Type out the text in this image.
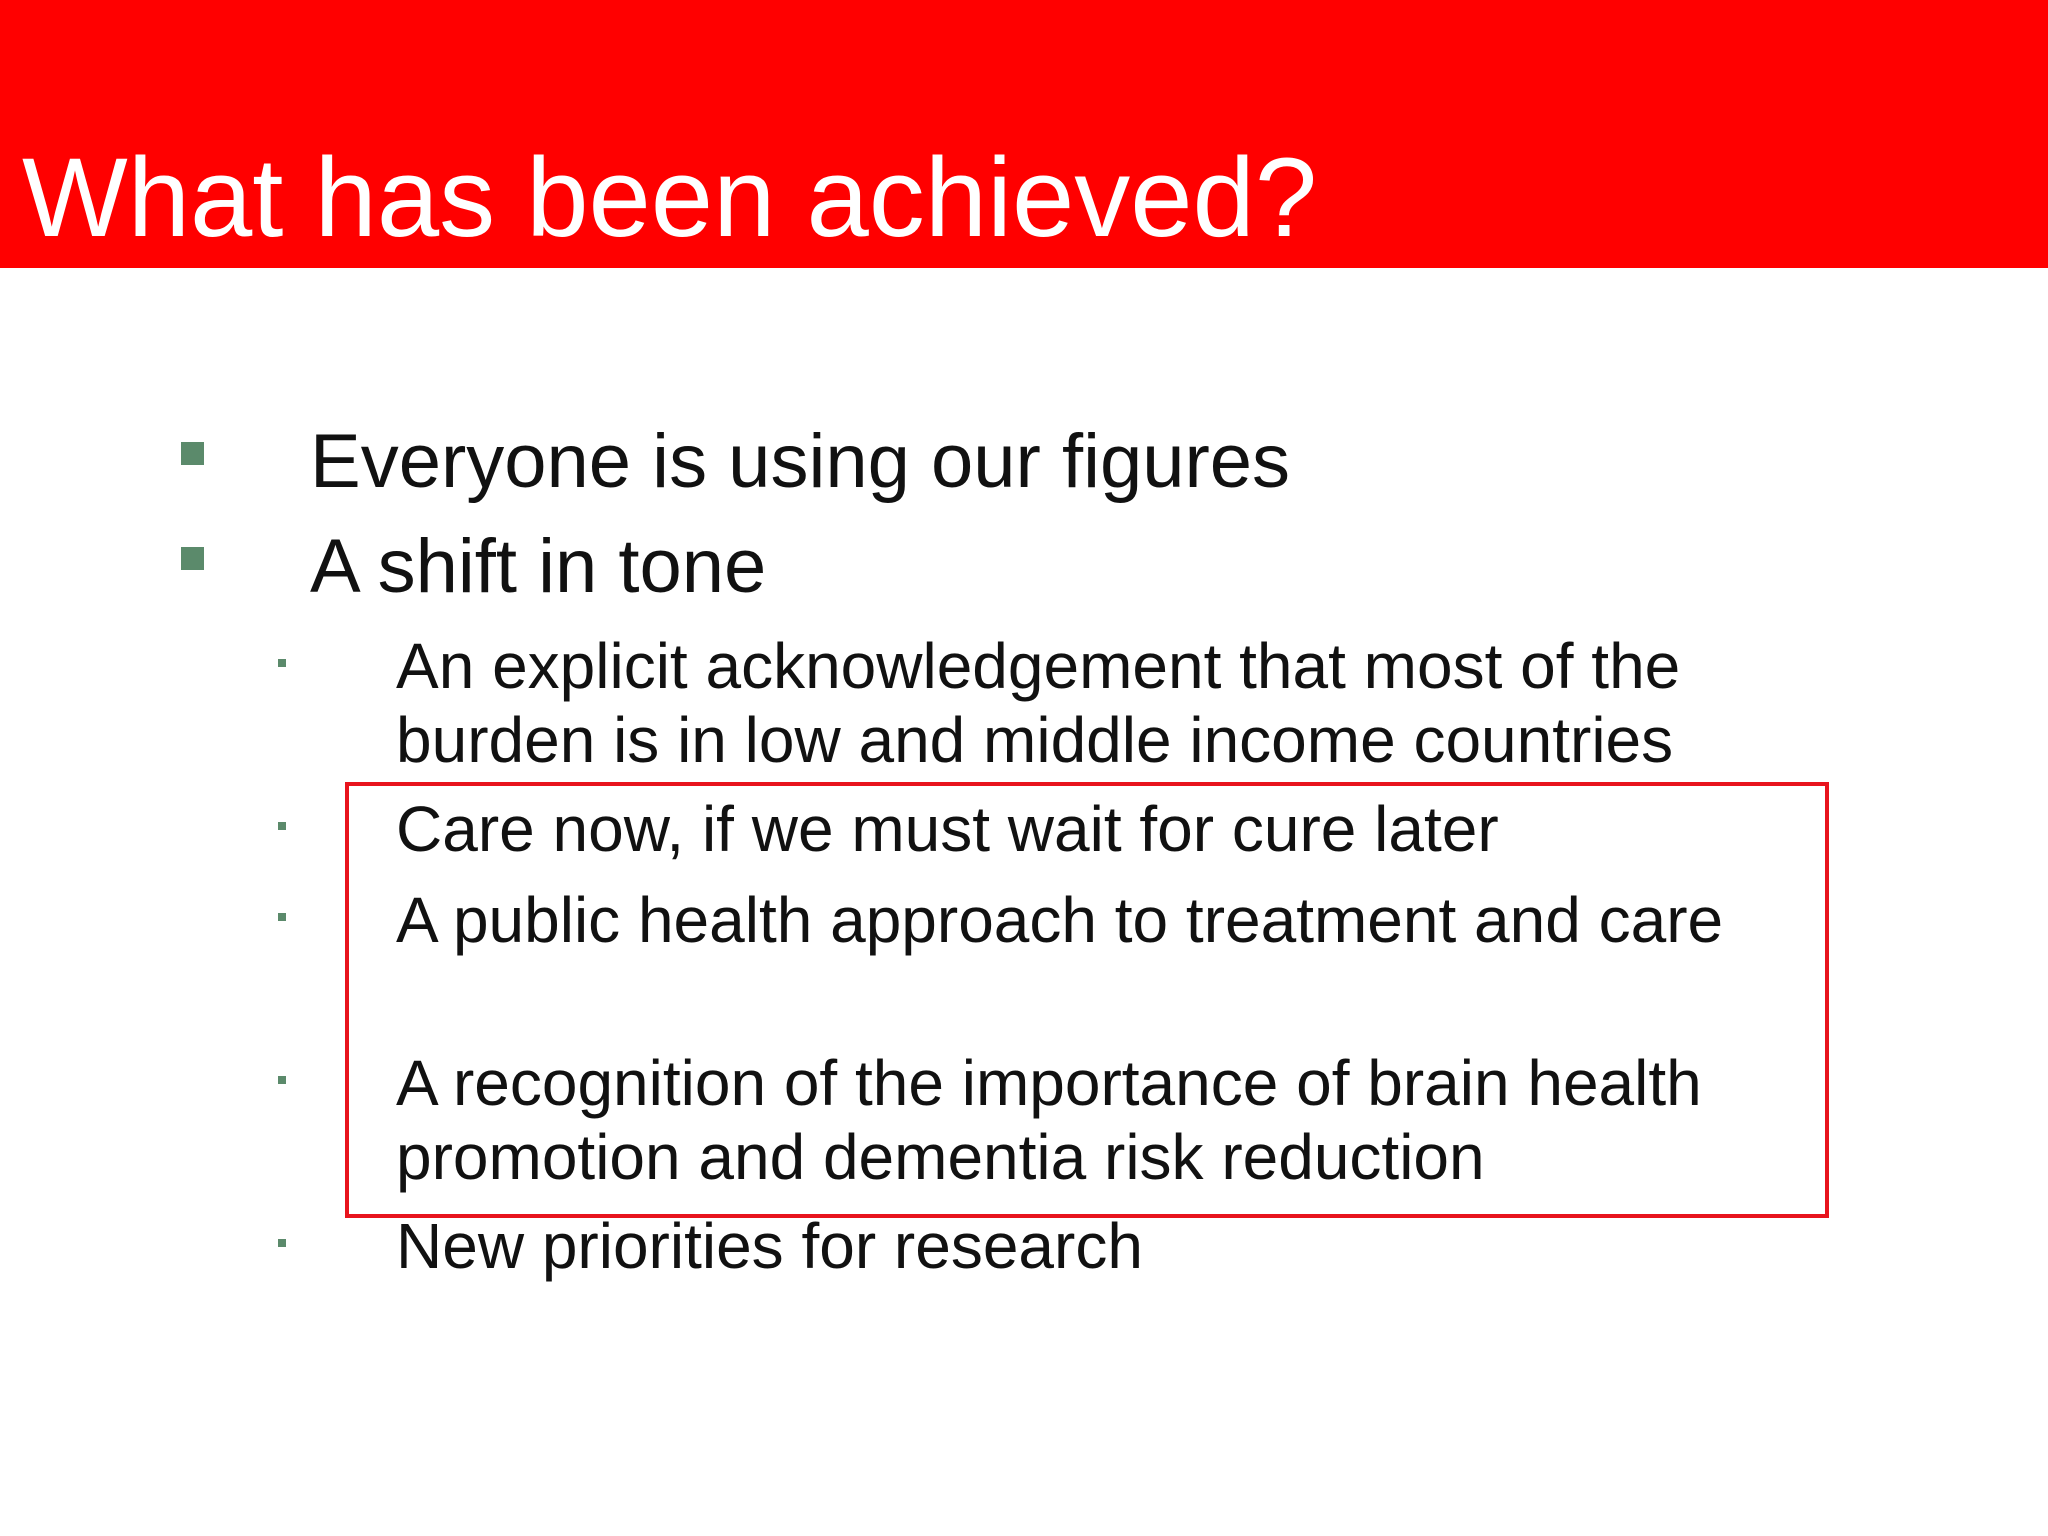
What has been achieved?
Everyone is using our figures
A shift in tone
An explicit acknowledgement that most of the burden is in low and middle income countries
Care now, if we must wait for cure later
A public health approach to treatment and care
A recognition of the importance of brain health promotion and dementia risk reduction
New priorities for research
